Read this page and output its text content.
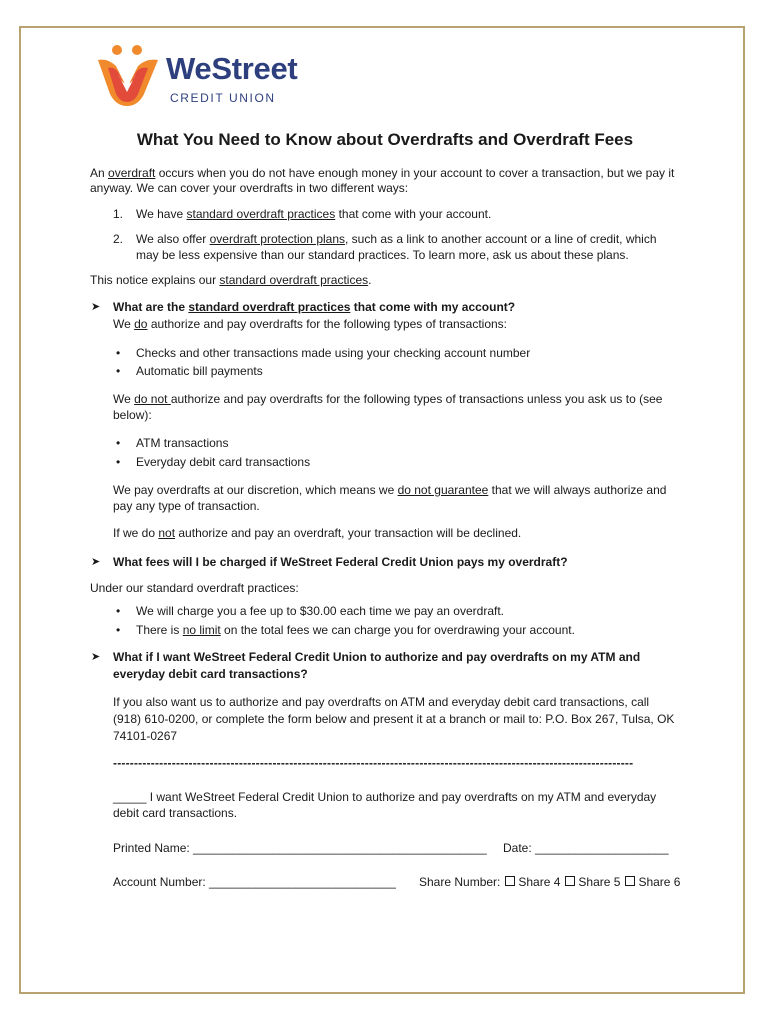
WeStreet
CREDIT UNION
What You Need to Know about Overdrafts and Overdraft Fees
An overdraft occurs when you do not have enough money in your account to cover a transaction, but we pay it
anyway. We can cover your overdrafts in two different ways:
1. We have standard overdraft practices that come with your account.
2. We also offer overdraft protection plans, such as a link to another account or a line of credit, which
may be less expensive than our standard practices. To learn more, ask us about these plans.
This notice explains our standard overdraft practices.
➤ What are the standard overdraft practices that come with my account?
We do authorize and pay overdrafts for the following types of transactions:
• Checks and other transactions made using your checking account number
• Automatic bill payments
We do not authorize and pay overdrafts for the following types of transactions unless you ask us to (see
below):
• ATM transactions
• Everyday debit card transactions
We pay overdrafts at our discretion, which means we do not guarantee that we will always authorize and
pay any type of transaction.
If we do not authorize and pay an overdraft, your transaction will be declined.
➤ What fees will I be charged if WeStreet Federal Credit Union pays my overdraft?
Under our standard overdraft practices:
• We will charge you a fee up to $30.00 each time we pay an overdraft.
• There is no limit on the total fees we can charge you for overdrawing your account.
➤ What if I want WeStreet Federal Credit Union to authorize and pay overdrafts on my ATM and
everyday debit card transactions?
If you also want us to authorize and pay overdrafts on ATM and everyday debit card transactions, call
(918) 610-0200, or complete the form below and present it at a branch or mail to: P.O. Box 267, Tulsa, OK
74101-0267
----------------------------------------------------------------------------------------------------------------------------
_____ I want WeStreet Federal Credit Union to authorize and pay overdrafts on my ATM and everyday
debit card transactions.
Printed Name: ____________________________________________ Date: ____________________
Account Number: ____________________________ Share Number: Share 4 Share 5 Share 6
